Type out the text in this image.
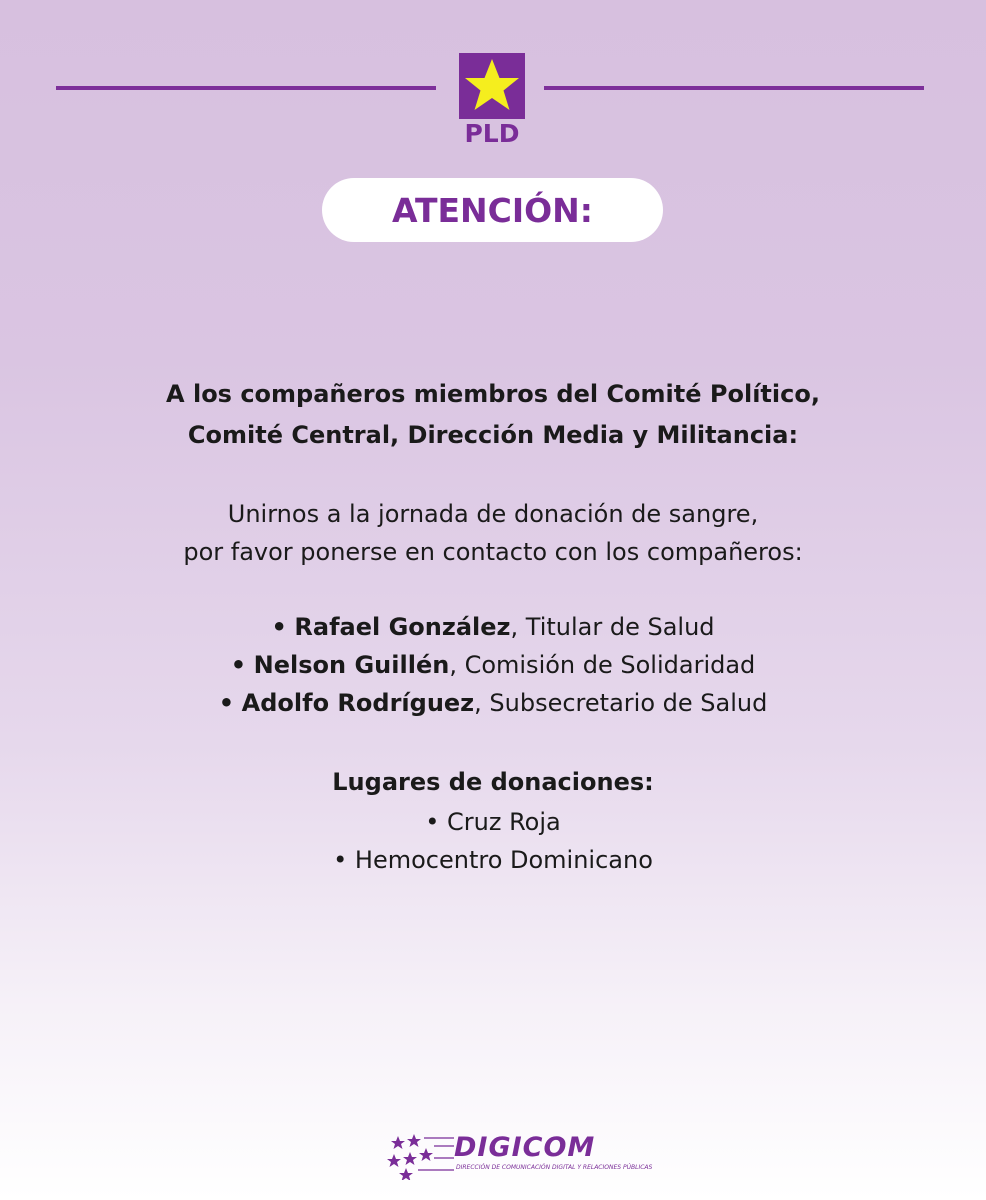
PLD
ATENCIÓN:
A los compañeros miembros del Comité Político,
Comité Central, Dirección Media y Militancia:
Unirnos a la jornada de donación de sangre,
por favor ponerse en contacto con los compañeros:
• Rafael González, Titular de Salud
• Nelson Guillén, Comisión de Solidaridad
• Adolfo Rodríguez, Subsecretario de Salud
Lugares de donaciones:
• Cruz Roja
• Hemocentro Dominicano
DIGICOM
DIRECCIÓN DE COMUNICACIÓN DIGITAL Y RELACIONES PÚBLICAS
